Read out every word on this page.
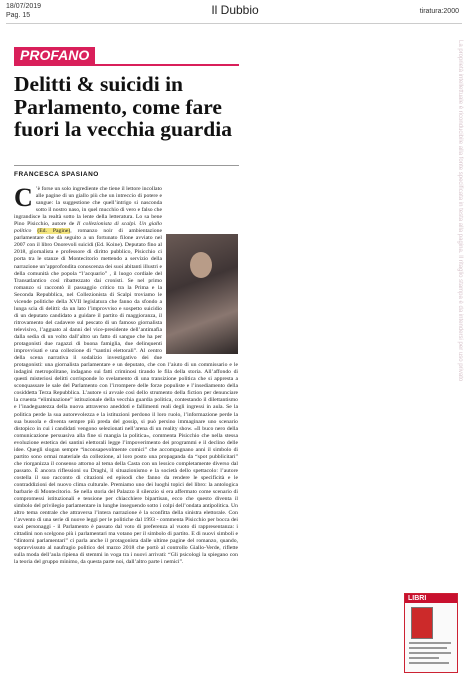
18/07/2019
Pag. 15	Il Dubbio	tiratura:2000
PROFANO
Delitti & suicidi in Parlamento, come fare fuori la vecchia guardia
FRANCESCA SPASIANO

C ’è forse un solo ingrediente che tiene il lettore incollato alle pagine di un giallo più che un intreccio di potere e sangue: la suggestione che quell’intrigo si nasconda sotto il nostro naso, in quel mucchio di vero e falso che ingrandisce la realtà sotto la lente della letteratura. Lo sa bene Pino Pisicchio, autore de Il collezionista di scalpi. Un giallo politico (Ed. Pagine), romanzo noir di ambientazione parlamentare che dà seguito a un fortunato filone avviato nel 2007 con il libro Onorevoli suicidi (Ed. Koine). Deputato fino al 2018, giornalista e professore di diritto pubblico, Pisicchio ci porta tra le stanze di Montecitorio mettendo a servizio della narrazione un’approfondita conoscenza dei suoi abitanti illustri e della comunità che popola “l’acquario” , il luogo cordiale del Transatlantico così ribattezzato dai cronisti. Se nel primo romanzo si raccontò il passaggio critico tra la Prima e la Seconda Repubblica, nel Collezionista di Scalpi troviamo le vicende politiche della XVII legislatura che fanno da sfondo a lunga scia di delitti: da un lato l’improvviso e sospetto suicidio di un deputato candidato a guidare il partito di maggioranza, il ritrovamento del cadavere sul pescato di un famoso giornalista televisivo, l’agguato al danni del vice-presidente dell’antimafia dalla sedia di un volto dall’altro un fatto di sangue che ha per protagonisti due ragazzi di buona famiglia, due delinquenti improvvisati e una collezione di “santini elettorali”. Al centro della scena narrativa il sodalizio investigativo dei due protagonisti: una giornalista parlamentare e un deputato, che con l’aiuto di un commissario e le indagini metropolitane, indagano sui fatti criminosi tirando le fila della storia. All’affondo di questi misteriosi delitti corrisponde lo svelamento di una transizione politica che si appresta a sconquassare le sale del Parlamento con l’irrompere delle forze populiste e l’insediamento della cosiddetta Terza Repubblica. L’autore si avvale così dello strumento della fiction per denunciare la cruenta “eliminazione” istituzionale della vecchia guardia politica, contestando il dilettantismo e l’inadeguatezza della nuova attraverso aneddoti e fallimenti reali degli ingressi in aula. Se la politica perde la sua autorevolezza e la istituzioni perdono il loro ruolo, l’informazione perde la sua bussola e diventa sempre più preda del gossip, si può persino immaginare uno scenario distopico in cui i candidati vengono selezionati nell’arena di un reality show. «Il buco nero della comunicazione persuasiva alla fine si mangia la politica», commenta Pisicchio che nella stessa evoluzione estetica dei santini elettorali legge l’impoverimento dei programmi e il declino delle idee. Quegli slogan sempre “inconsapevolmente comici” che accompagnano anni il simbolo di partito sono ormai materiale da collezione, al loro posto una propaganda da “spot pubblicitari” che riorganizza il consenso attorno al tema della Casta con un lessico completamente diverso dal passato. È ancora riflessioni su Draghi, il situazionismo e la società dello spettacolo: l’autore costella il suo racconto di citazioni ed episodi che fanno da rendere le specificità e le contraddizioni del nuovo clima culturale. Premiamo uno dei luoghi topici del libro: la antologica barbarie di Montecitorio. Se nella storia del Palazzo il silenzio si era affermato come scenario di compromessi istituzionali e tensione per chiacchiere bipartisan, ecco che questo diventa il simbolo del privilegio parlamentare in lunghe inseguendo sotto i colpi dell’ondata antipolitica. Un altro tema centrale che attraversa l’intera narrazione è la sconfitta della sinistra elettorale. Con l’avvento di una serie di nuove leggi per le politiche dal 1993 - commenta Pisicchio per bocca dei suoi personaggi - il Parlamento è passato dal voto di preferenza al vuoto di rappresentanza: i cittadini non scelgono più i parlamentari ma votano per il simbolo di partito. E di nuovi simboli e “dintorni parlamentari” ci parla anche il protagonista dalle ultime pagine del romanzo, quando, sopravvissuto al naufragio politico del marzo 2018 che portò al controllo Giallo-Verde, riflette sulla moda dell’aula ripiena di stemmi in voga tra i nuovi arrivati: “Gli psicologi la spiegano con la teoria del gruppo minimo, da questa parte noi, dall’altro parte i nemici”.

LIBRI
La proprietà intellettuale è riconducibile alla fonte specificata in testa alla pagina. Il ritaglio stampa è da intendersi per uso privato
